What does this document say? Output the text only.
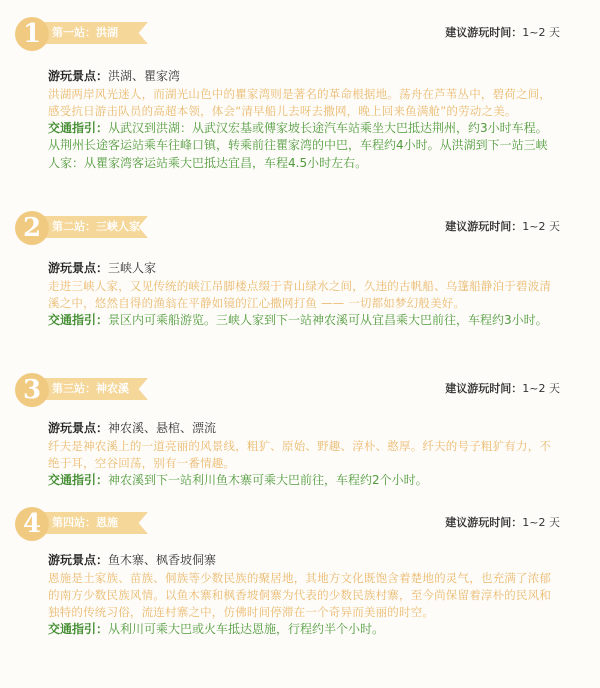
1 第一站：洪湖	建议游玩时间：1~2 天
游玩景点：洪湖、瞿家湾
洪湖两岸风光迷人，而湖光山色中的瞿家湾则是著名的革命根据地。荡舟在芦苇丛中，碧荷之间，感受抗日游击队员的高超本领，体会“清早船儿去呀去撒网，晚上回来鱼满舱”的劳动之美。
交通指引：从武汉到洪湖：从武汉宏基或傅家坡长途汽车站乘坐大巴抵达荆州，约3小时车程。从荆州长途客运站乘车往峰口镇，转乘前往瞿家湾的中巴，车程约4小时。从洪湖到下一站三峡人家：从瞿家湾客运站乘大巴抵达宜昌，车程4.5小时左右。
2 第二站：三峡人家	建议游玩时间：1~2 天
游玩景点：三峡人家
走进三峡人家，又见传统的峡江吊脚楼点缀于青山绿水之间，久违的古帆船、乌篷船静泊于碧波清溪之中，悠然自得的渔翁在平静如镜的江心撒网打鱼 —— 一切都如梦幻般美好。
交通指引：景区内可乘船游览。三峡人家到下一站神农溪可从宜昌乘大巴前往，车程约3小时。
3 第三站：神农溪	建议游玩时间：1~2 天
游玩景点：神农溪、悬棺、漂流
纤夫是神农溪上的一道亮丽的风景线，粗犷、原始、野趣、淳朴、憨厚。纤夫的号子粗犷有力，不绝于耳，空谷回荡，别有一番情趣。
交通指引：神农溪到下一站利川鱼木寨可乘大巴前往，车程约2个小时。
4 第四站：恩施	建议游玩时间：1~2 天
游玩景点：鱼木寨、枫香坡侗寨
恩施是土家族、苗族、侗族等少数民族的聚居地，其地方文化既饱含着楚地的灵气，也充满了浓郁的南方少数民族风情。以鱼木寨和枫香坡侗寨为代表的少数民族村寨，至今尚保留着淳朴的民风和独特的传统习俗，流连村寨之中，仿佛时间停滞在一个奇异而美丽的时空。
交通指引：从利川可乘大巴或火车抵达恩施，行程约半个小时。
